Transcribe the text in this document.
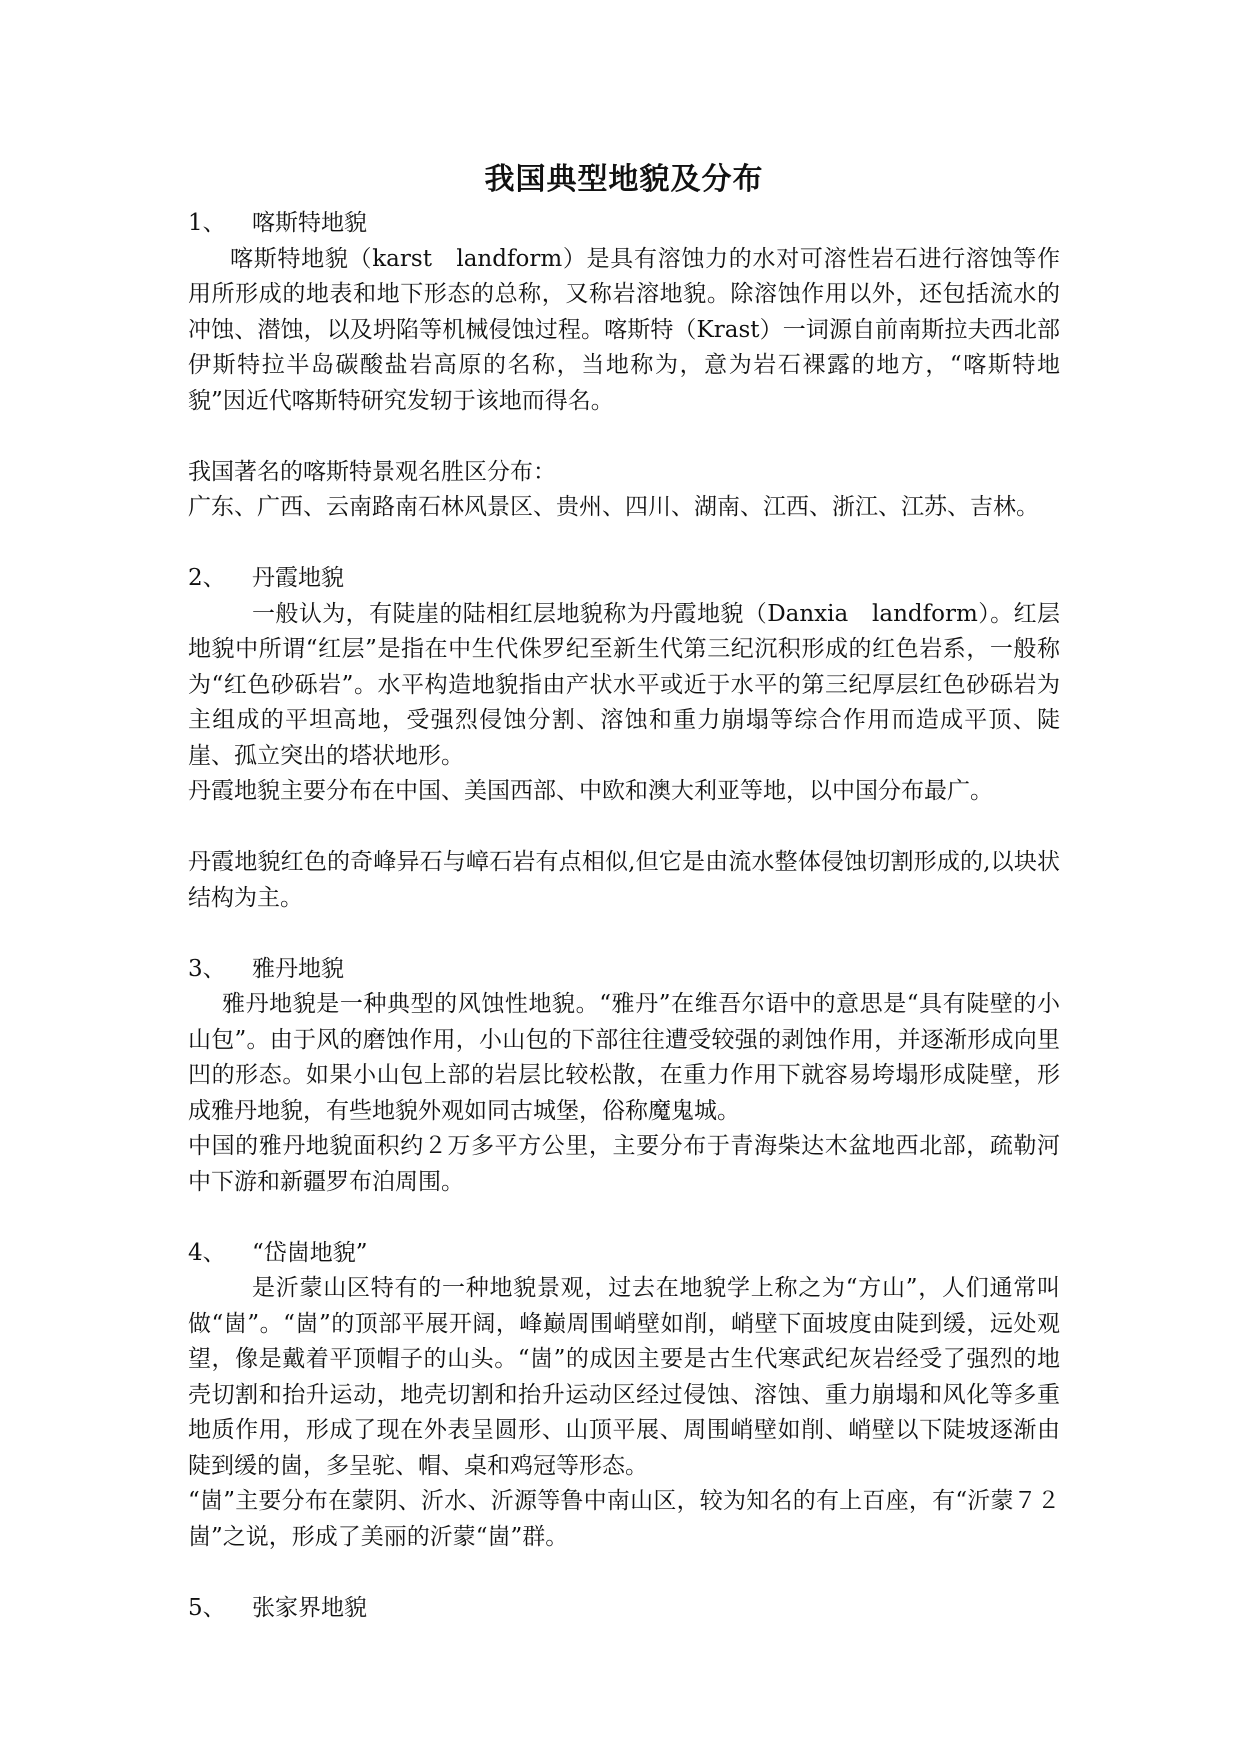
我国典型地貌及分布

1、 喀斯特地貌

喀斯特地貌（karst　landform）是具有溶蚀力的水对可溶性岩石进行溶蚀等作用所形成的地表和地下形态的总称，又称岩溶地貌。除溶蚀作用以外，还包括流水的冲蚀、潜蚀，以及坍陷等机械侵蚀过程。喀斯特（Krast）一词源自前南斯拉夫西北部伊斯特拉半岛碳酸盐岩高原的名称，当地称为，意为岩石裸露的地方，“喀斯特地貌”因近代喀斯特研究发轫于该地而得名。

我国著名的喀斯特景观名胜区分布：

广东、广西、云南路南石林风景区、贵州、四川、湖南、江西、浙江、江苏、吉林。

2、 丹霞地貌

一般认为，有陡崖的陆相红层地貌称为丹霞地貌（Danxia　landform）。红层地貌中所谓“红层”是指在中生代侏罗纪至新生代第三纪沉积形成的红色岩系，一般称为“红色砂砾岩”。水平构造地貌指由产状水平或近于水平的第三纪厚层红色砂砾岩为主组成的平坦高地，受强烈侵蚀分割、溶蚀和重力崩塌等综合作用而造成平顶、陡崖、孤立突出的塔状地形。

丹霞地貌主要分布在中国、美国西部、中欧和澳大利亚等地，以中国分布最广。

丹霞地貌红色的奇峰异石与嶂石岩有点相似,但它是由流水整体侵蚀切割形成的,以块状结构为主。

3、 雅丹地貌

雅丹地貌是一种典型的风蚀性地貌。“雅丹”在维吾尔语中的意思是“具有陡壁的小山包”。由于风的磨蚀作用，小山包的下部往往遭受较强的剥蚀作用，并逐渐形成向里凹的形态。如果小山包上部的岩层比较松散，在重力作用下就容易垮塌形成陡壁，形成雅丹地貌，有些地貌外观如同古城堡，俗称魔鬼城。

中国的雅丹地貌面积约２万多平方公里，主要分布于青海柴达木盆地西北部，疏勒河中下游和新疆罗布泊周围。

4、 “岱崮地貌”

是沂蒙山区特有的一种地貌景观，过去在地貌学上称之为“方山”，人们通常叫做“崮”。“崮”的顶部平展开阔，峰巅周围峭壁如削，峭壁下面坡度由陡到缓，远处观望，像是戴着平顶帽子的山头。“崮”的成因主要是古生代寒武纪灰岩经受了强烈的地壳切割和抬升运动，地壳切割和抬升运动区经过侵蚀、溶蚀、重力崩塌和风化等多重地质作用，形成了现在外表呈圆形、山顶平展、周围峭壁如削、峭壁以下陡坡逐渐由陡到缓的崮，多呈驼、帽、桌和鸡冠等形态。

“崮”主要分布在蒙阴、沂水、沂源等鲁中南山区，较为知名的有上百座，有“沂蒙７２崮”之说，形成了美丽的沂蒙“崮”群。

5、 张家界地貌
